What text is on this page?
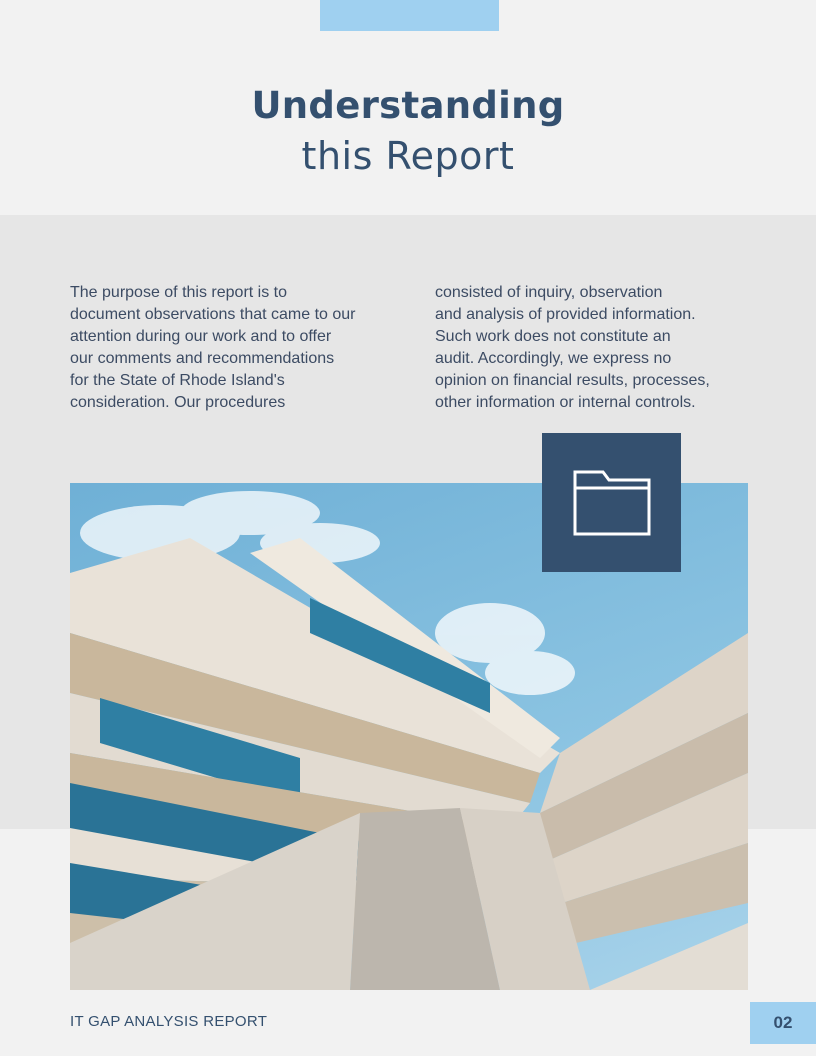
Understanding
this Report
The purpose of this report is to
document observations that came to our
attention during our work and to offer
our comments and recommendations
for the State of Rhode Island's
consideration. Our procedures
consisted of inquiry, observation
and analysis of provided information.
Such work does not constitute an
audit. Accordingly, we express no
opinion on financial results, processes,
other information or internal controls.
IT GAP ANALYSIS REPORT	02
